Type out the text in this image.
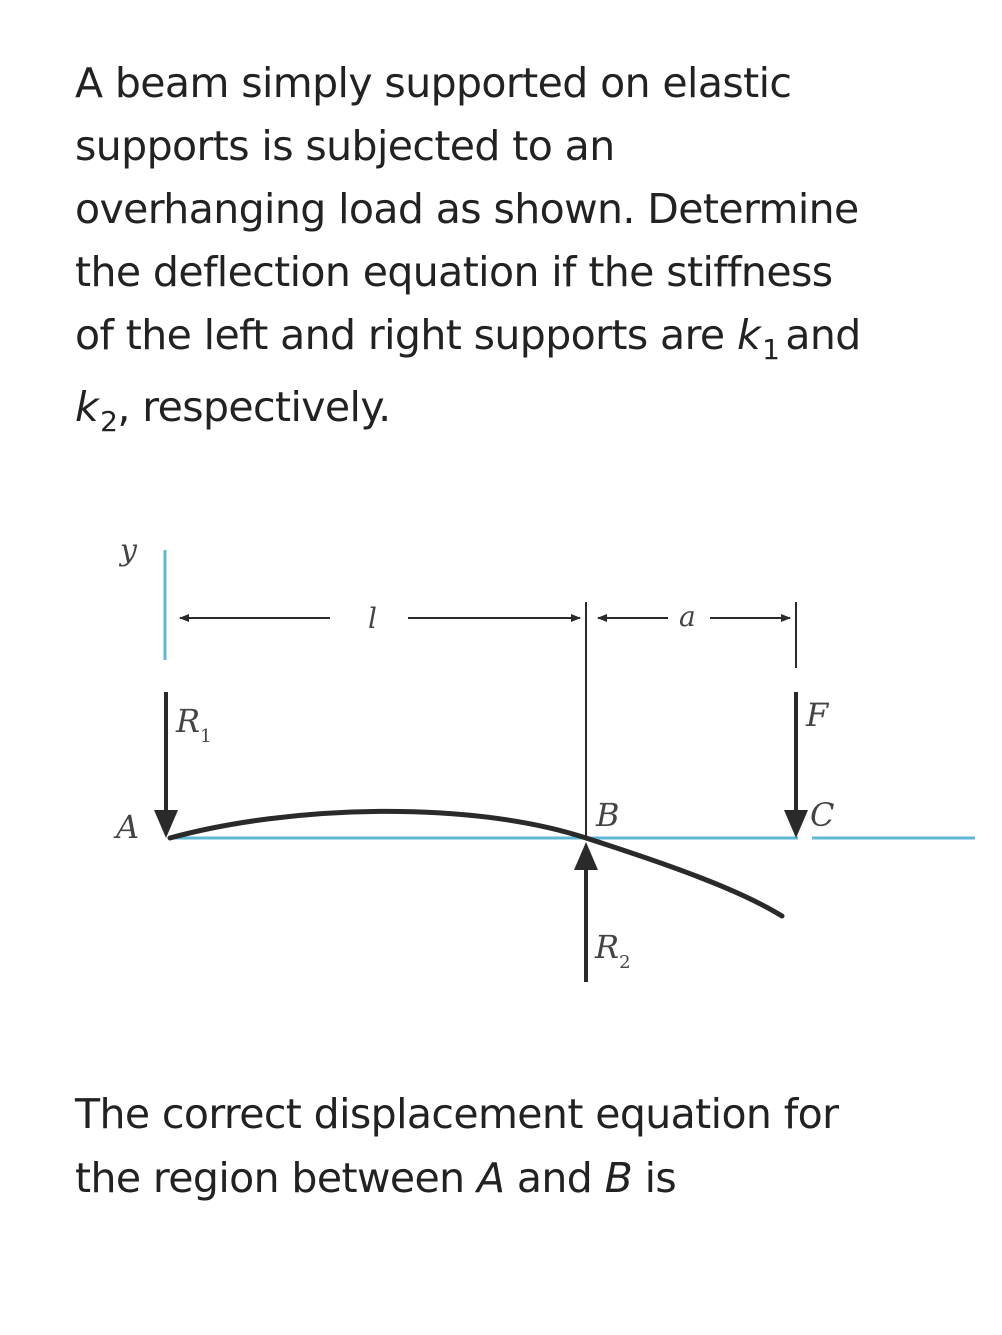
A beam simply supported on elastic
supports is subjected to an
overhanging load as shown. Determine
the deflection equation if the stiffness
of the left and right supports are $k_1$ and
$k_2$, respectively.
y
l	a
$R_1$
A	B
$R_2$
F
C
The correct displacement equation for
the region between A and B is
